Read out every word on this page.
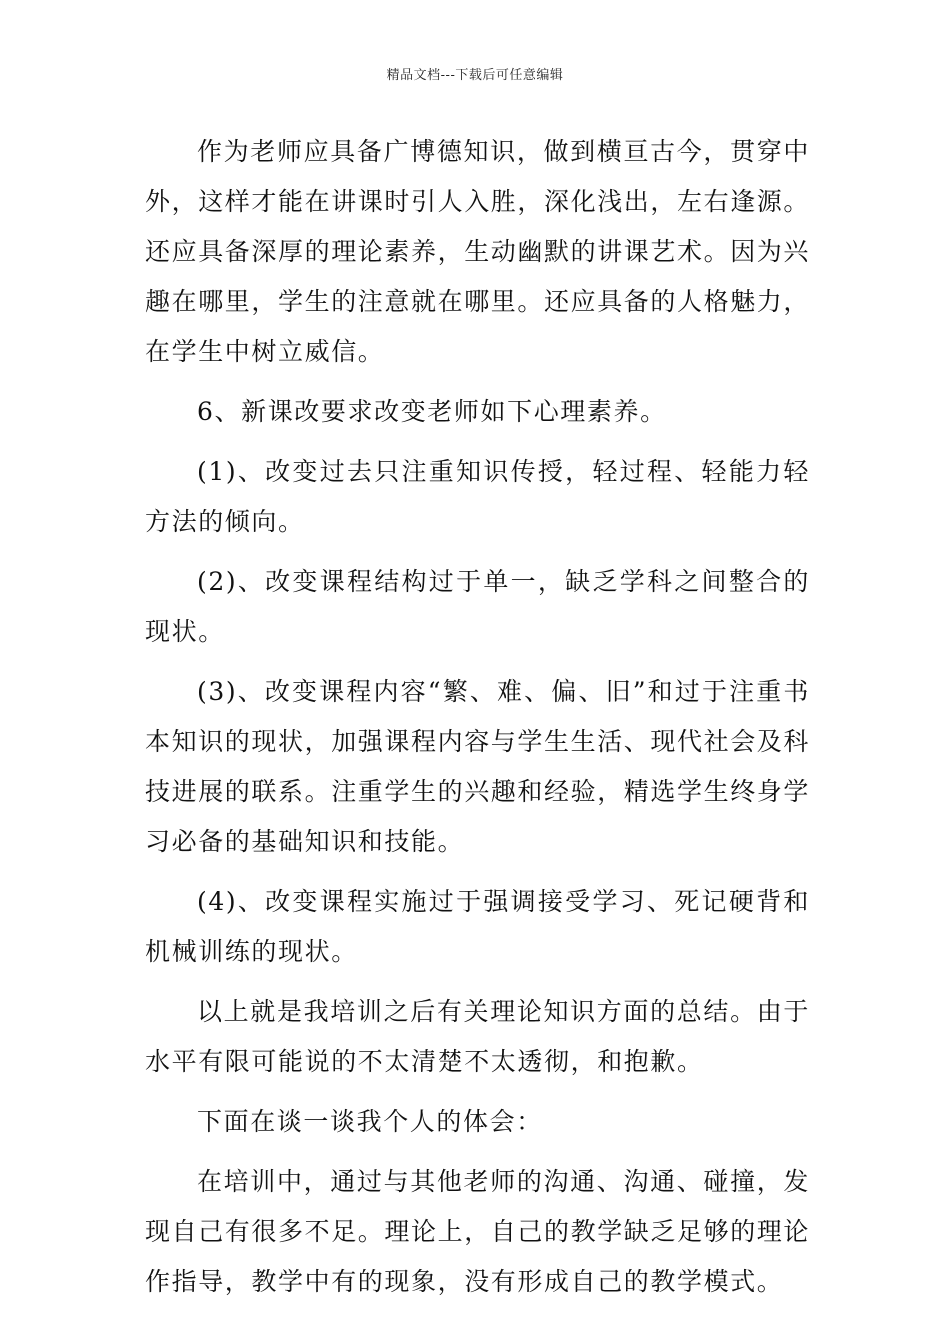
精品文档---下载后可任意编辑

作为老师应具备广博德知识，做到横亘古今，贯穿中外，这样才能在讲课时引人入胜，深化浅出，左右逢源。还应具备深厚的理论素养，生动幽默的讲课艺术。因为兴趣在哪里，学生的注意就在哪里。还应具备的人格魅力，在学生中树立威信。

6、新课改要求改变老师如下心理素养。

(1)、改变过去只注重知识传授，轻过程、轻能力轻方法的倾向。

(2)、改变课程结构过于单一，缺乏学科之间整合的现状。

(3)、改变课程内容“繁、难、偏、旧”和过于注重书本知识的现状，加强课程内容与学生生活、现代社会及科技进展的联系。注重学生的兴趣和经验，精选学生终身学习必备的基础知识和技能。

(4)、改变课程实施过于强调接受学习、死记硬背和机械训练的现状。

以上就是我培训之后有关理论知识方面的总结。由于水平有限可能说的不太清楚不太透彻，和抱歉。

下面在谈一谈我个人的体会：

在培训中，通过与其他老师的沟通、沟通、碰撞，发现自己有很多不足。理论上，自己的教学缺乏足够的理论作指导，教学中有的现象，没有形成自己的教学模式。
